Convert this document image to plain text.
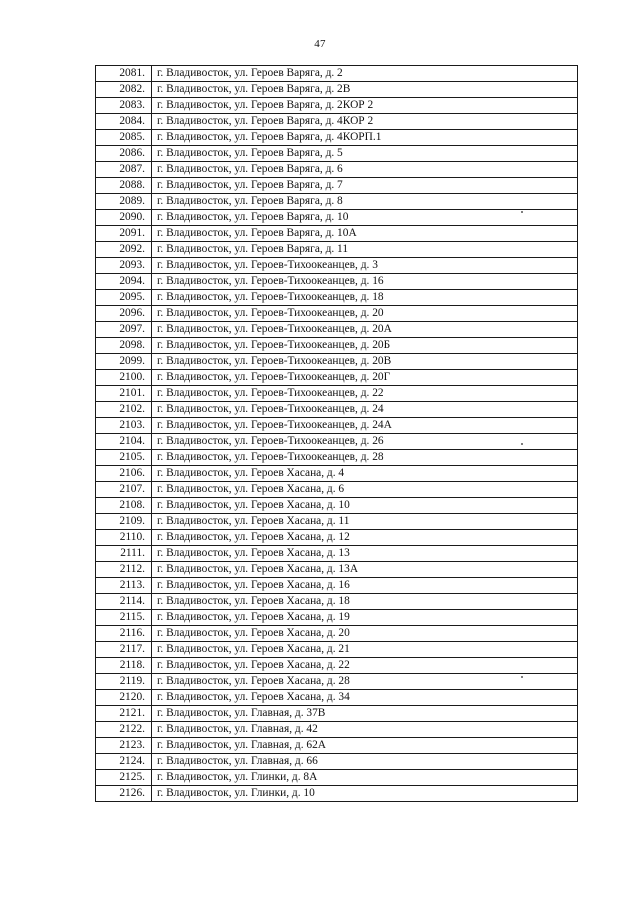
47
2081.	г. Владивосток, ул. Героев Варяга, д. 2
2082.	г. Владивосток, ул. Героев Варяга, д. 2В
2083.	г. Владивосток, ул. Героев Варяга, д. 2КОР 2
2084.	г. Владивосток, ул. Героев Варяга, д. 4КОР 2
2085.	г. Владивосток, ул. Героев Варяга, д. 4КОРП.1
2086.	г. Владивосток, ул. Героев Варяга, д. 5
2087.	г. Владивосток, ул. Героев Варяга, д. 6
2088.	г. Владивосток, ул. Героев Варяга, д. 7
2089.	г. Владивосток, ул. Героев Варяга, д. 8
2090.	г. Владивосток, ул. Героев Варяга, д. 10
2091.	г. Владивосток, ул. Героев Варяга, д. 10А
2092.	г. Владивосток, ул. Героев Варяга, д. 11
2093.	г. Владивосток, ул. Героев-Тихоокеанцев, д. 3
2094.	г. Владивосток, ул. Героев-Тихоокеанцев, д. 16
2095.	г. Владивосток, ул. Героев-Тихоокеанцев, д. 18
2096.	г. Владивосток, ул. Героев-Тихоокеанцев, д. 20
2097.	г. Владивосток, ул. Героев-Тихоокеанцев, д. 20А
2098.	г. Владивосток, ул. Героев-Тихоокеанцев, д. 20Б
2099.	г. Владивосток, ул. Героев-Тихоокеанцев, д. 20В
2100.	г. Владивосток, ул. Героев-Тихоокеанцев, д. 20Г
2101.	г. Владивосток, ул. Героев-Тихоокеанцев, д. 22
2102.	г. Владивосток, ул. Героев-Тихоокеанцев, д. 24
2103.	г. Владивосток, ул. Героев-Тихоокеанцев, д. 24А
2104.	г. Владивосток, ул. Героев-Тихоокеанцев, д. 26
2105.	г. Владивосток, ул. Героев-Тихоокеанцев, д. 28
2106.	г. Владивосток, ул. Героев Хасана, д. 4
2107.	г. Владивосток, ул. Героев Хасана, д. 6
2108.	г. Владивосток, ул. Героев Хасана, д. 10
2109.	г. Владивосток, ул. Героев Хасана, д. 11
2110.	г. Владивосток, ул. Героев Хасана, д. 12
2111.	г. Владивосток, ул. Героев Хасана, д. 13
2112.	г. Владивосток, ул. Героев Хасана, д. 13А
2113.	г. Владивосток, ул. Героев Хасана, д. 16
2114.	г. Владивосток, ул. Героев Хасана, д. 18
2115.	г. Владивосток, ул. Героев Хасана, д. 19
2116.	г. Владивосток, ул. Героев Хасана, д. 20
2117.	г. Владивосток, ул. Героев Хасана, д. 21
2118.	г. Владивосток, ул. Героев Хасана, д. 22
2119.	г. Владивосток, ул. Героев Хасана, д. 28
2120.	г. Владивосток, ул. Героев Хасана, д. 34
2121.	г. Владивосток, ул. Главная, д. 37В
2122.	г. Владивосток, ул. Главная, д. 42
2123.	г. Владивосток, ул. Главная, д. 62А
2124.	г. Владивосток, ул. Главная, д. 66
2125.	г. Владивосток, ул. Глинки, д. 8А
2126.	г. Владивосток, ул. Глинки, д. 10
